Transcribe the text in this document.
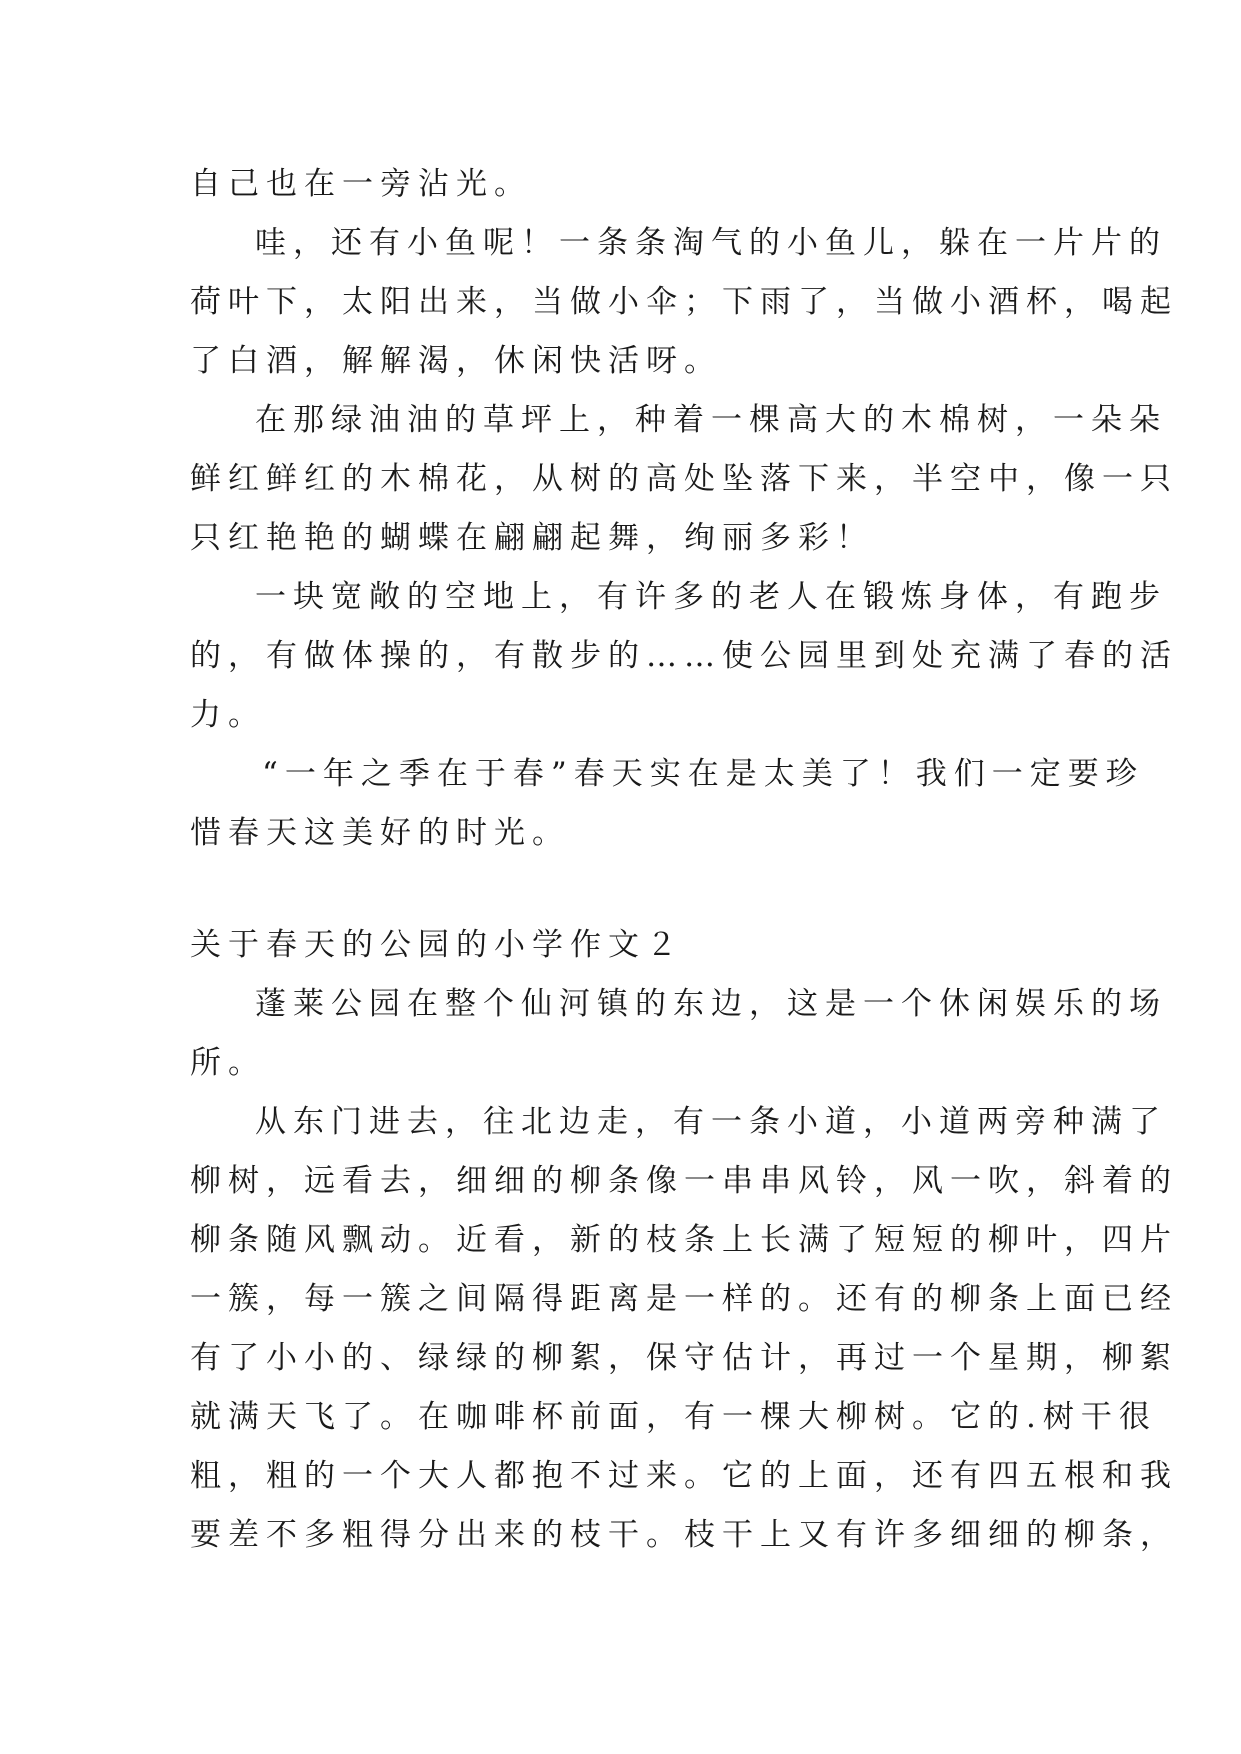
自己也在一旁沾光。
哇，还有小鱼呢！一条条淘气的小鱼儿，躲在一片片的
荷叶下，太阳出来，当做小伞；下雨了，当做小酒杯，喝起
了白酒，解解渴，休闲快活呀。
在那绿油油的草坪上，种着一棵高大的木棉树，一朵朵
鲜红鲜红的木棉花，从树的高处坠落下来，半空中，像一只
只红艳艳的蝴蝶在翩翩起舞，绚丽多彩！
一块宽敞的空地上，有许多的老人在锻炼身体，有跑步
的，有做体操的，有散步的……使公园里到处充满了春的活
力。
“一年之季在于春”春天实在是太美了！我们一定要珍
惜春天这美好的时光。
关于春天的公园的小学作文２
蓬莱公园在整个仙河镇的东边，这是一个休闲娱乐的场
所。
从东门进去，往北边走，有一条小道，小道两旁种满了
柳树，远看去，细细的柳条像一串串风铃，风一吹，斜着的
柳条随风飘动。近看，新的枝条上长满了短短的柳叶，四片
一簇，每一簇之间隔得距离是一样的。还有的柳条上面已经
有了小小的、绿绿的柳絮，保守估计，再过一个星期，柳絮
就满天飞了。在咖啡杯前面，有一棵大柳树。它的.树干很
粗，粗的一个大人都抱不过来。它的上面，还有四五根和我
要差不多粗得分出来的枝干。枝干上又有许多细细的柳条，
